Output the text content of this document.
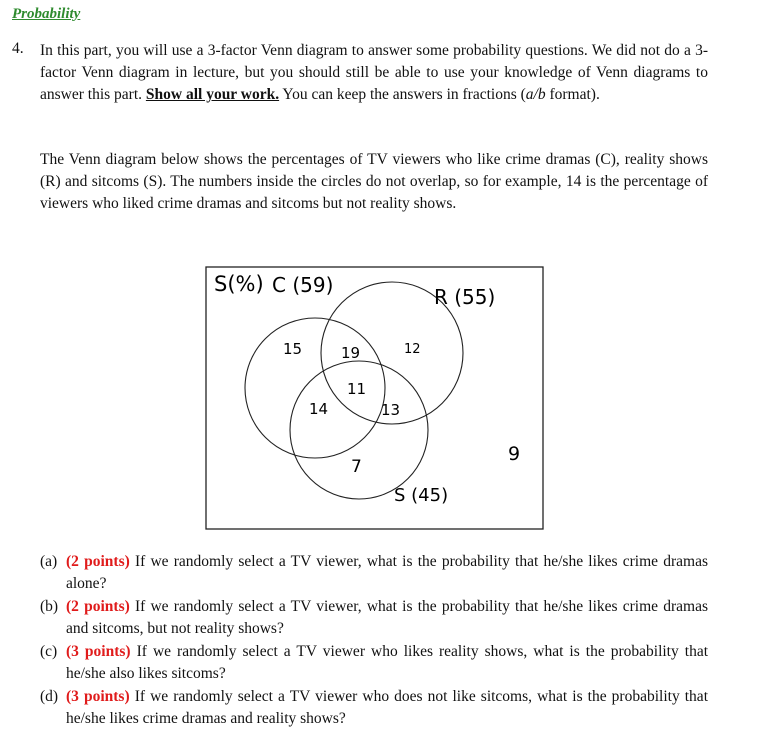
Probability
4. In this part, you will use a 3-factor Venn diagram to answer some probability questions. We did not do a 3-factor Venn diagram in lecture, but you should still be able to use your knowledge of Venn diagrams to answer this part. Show all your work. You can keep the answers in fractions (a/b format).
The Venn diagram below shows the percentages of TV viewers who like crime dramas (C), reality shows (R) and sitcoms (S). The numbers inside the circles do not overlap, so for example, 14 is the percentage of viewers who liked crime dramas and sitcoms but not reality shows.
S(%) C (59)	R (55)
S (45)
15	19	12
11
14	13
7
9
(a) (2 points) If we randomly select a TV viewer, what is the probability that he/she likes crime dramas alone?
(b) (2 points) If we randomly select a TV viewer, what is the probability that he/she likes crime dramas and sitcoms, but not reality shows?
(c) (3 points) If we randomly select a TV viewer who likes reality shows, what is the probability that he/she also likes sitcoms?
(d) (3 points) If we randomly select a TV viewer who does not like sitcoms, what is the probability that he/she likes crime dramas and reality shows?
